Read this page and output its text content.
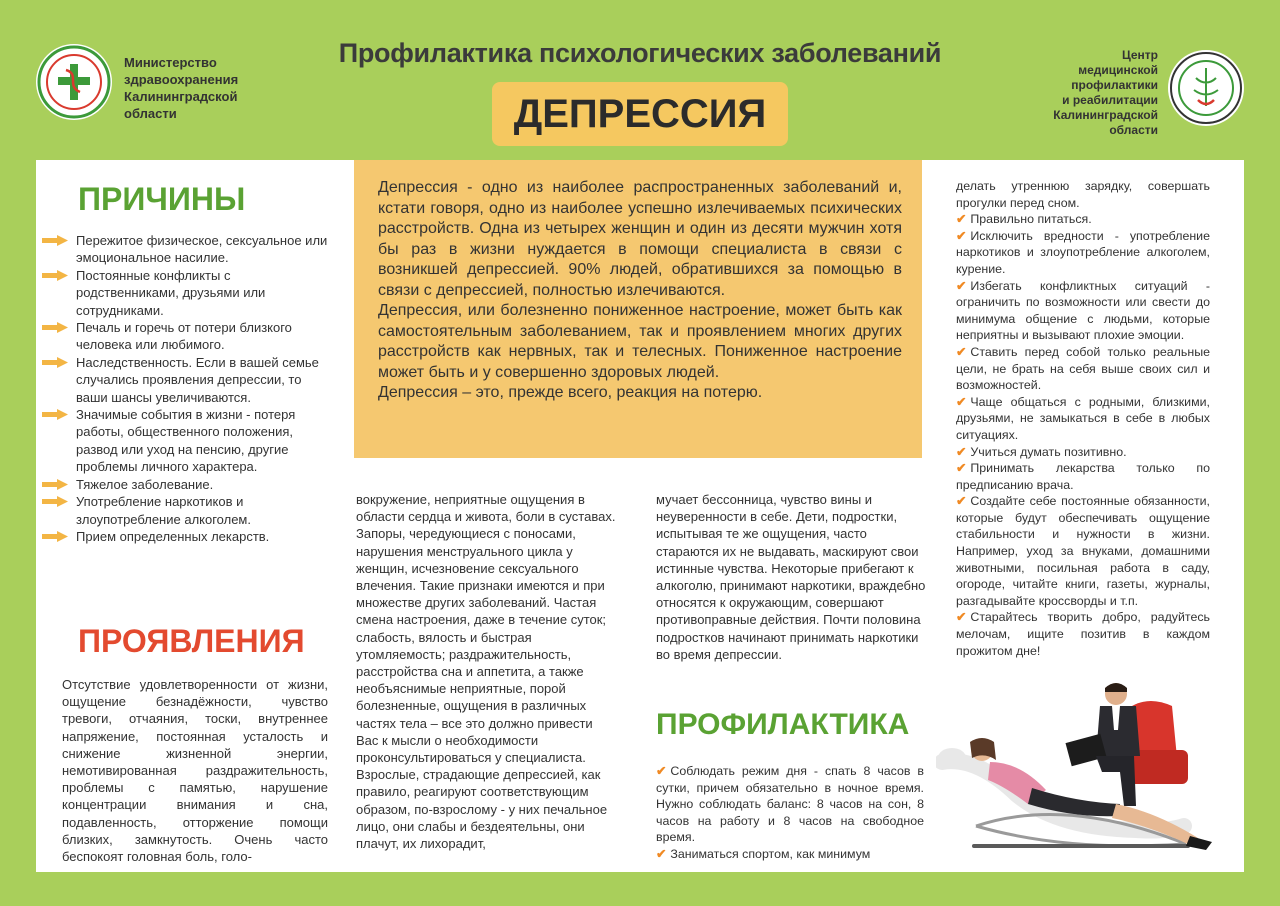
Министерство
здравоохранения
Калининградской
области
Центр
медицинской
профилактики
и реабилитации
Калининградской
области
Профилактика психологических заболеваний
ДЕПРЕССИЯ
ПРИЧИНЫ
Пережитое физическое, сексуальное или эмоциональное насилие.
Постоянные конфликты с родственниками, друзьями или сотрудниками.
Печаль и горечь от потери близкого человека или любимого.
Наследственность. Если в вашей семье случались проявления депрессии, то ваши шансы увеличиваются.
Значимые события в жизни - потеря работы, общественного положения, развод или уход на пенсию, другие проблемы личного характера.
Тяжелое заболевание.
Употребление наркотиков и злоупотребление алкоголем.
Прием определенных лекарств.
ПРОЯВЛЕНИЯ
Отсутствие удовлетворенности от жизни, ощущение безнадёжности, чувство тревоги, отчаяния, тоски, внутреннее напряжение, постоянная усталость и снижение жизненной энергии, немотивированная раздражительность, проблемы с памятью, нарушение концентрации внимания и сна, подавленность, отторжение помощи близких, замкнутость. Очень часто беспокоят головная боль, голо-

Депрессия - одно из наиболее распространенных заболеваний и, кстати говоря, одно из наиболее успешно излечиваемых психических расстройств. Одна из четырех женщин и один из десяти мужчин хотя бы раз в жизни нуждается в помощи специалиста в связи с возникшей депрессией. 90% людей, обратившихся за помощью в связи с депрессией, полностью излечиваются.

Депрессия, или болезненно пониженное настроение, может быть как самостоятельным заболеванием, так и проявлением многих других расстройств как нервных, так и телесных. Пониженное настроение может быть и у совершенно здоровых людей.

Депрессия – это, прежде всего, реакция на потерю.

вокружение, неприятные ощущения в области сердца и живота, боли в суставах. Запоры, чередующиеся с поносами, нарушения менструального цикла у женщин, исчезновение сексуального влечения. Такие признаки имеются и при множестве других заболеваний. Частая смена настроения, даже в течение суток; слабость, вялость и быстрая утомляемость; раздражительность, расстройства сна и аппетита, а также необъяснимые неприятные, порой болезненные, ощущения в различных частях тела – все это должно привести Вас к мысли о необходимости проконсультироваться у специалиста. Взрослые, страдающие депрессией, как правило, реагируют соответствующим образом, по-взрослому - у них печальное лицо, они слабы и бездеятельны, они плачут, их лихорадит,
мучает бессонница, чувство вины и неуверенности в себе. Дети, подростки, испытывая те же ощущения, часто стараются их не выдавать, маскируют свои истинные чувства. Некоторые прибегают к алкоголю, принимают наркотики, враждебно относятся к окружающим, совершают противоправные действия. Почти половина подростков начинают принимать наркотики во время депрессии.
ПРОФИЛАКТИКА
✔ Соблюдать режим дня - спать 8 часов в сутки, причем обязательно в ночное время. Нужно соблюдать баланс: 8 часов на сон, 8 часов на работу и 8 часов на свободное время.
✔ Заниматься спортом, как минимум
делать утреннюю зарядку, совершать прогулки перед сном.
✔ Правильно питаться.
✔ Исключить вредности - употребление наркотиков и злоупотребление алкоголем, курение.
✔ Избегать конфликтных ситуаций - ограничить по возможности или свести до минимума общение с людьми, которые неприятны и вызывают плохие эмоции.
✔ Ставить перед собой только реальные цели, не брать на себя выше своих сил и возможностей.
✔ Чаще общаться с родными, близкими, друзьями, не замыкаться в себе в любых ситуациях.
✔ Учиться думать позитивно.
✔ Принимать лекарства только по предписанию врача.
✔ Создайте себе постоянные обязанности, которые будут обеспечивать ощущение стабильности и нужности в жизни. Например, уход за внуками, домашними животными, посильная работа в саду, огороде, читайте книги, газеты, журналы, разгадывайте кроссворды и т.п.
✔ Старайтесь творить добро, радуйтесь мелочам, ищите позитив в каждом прожитом дне!
